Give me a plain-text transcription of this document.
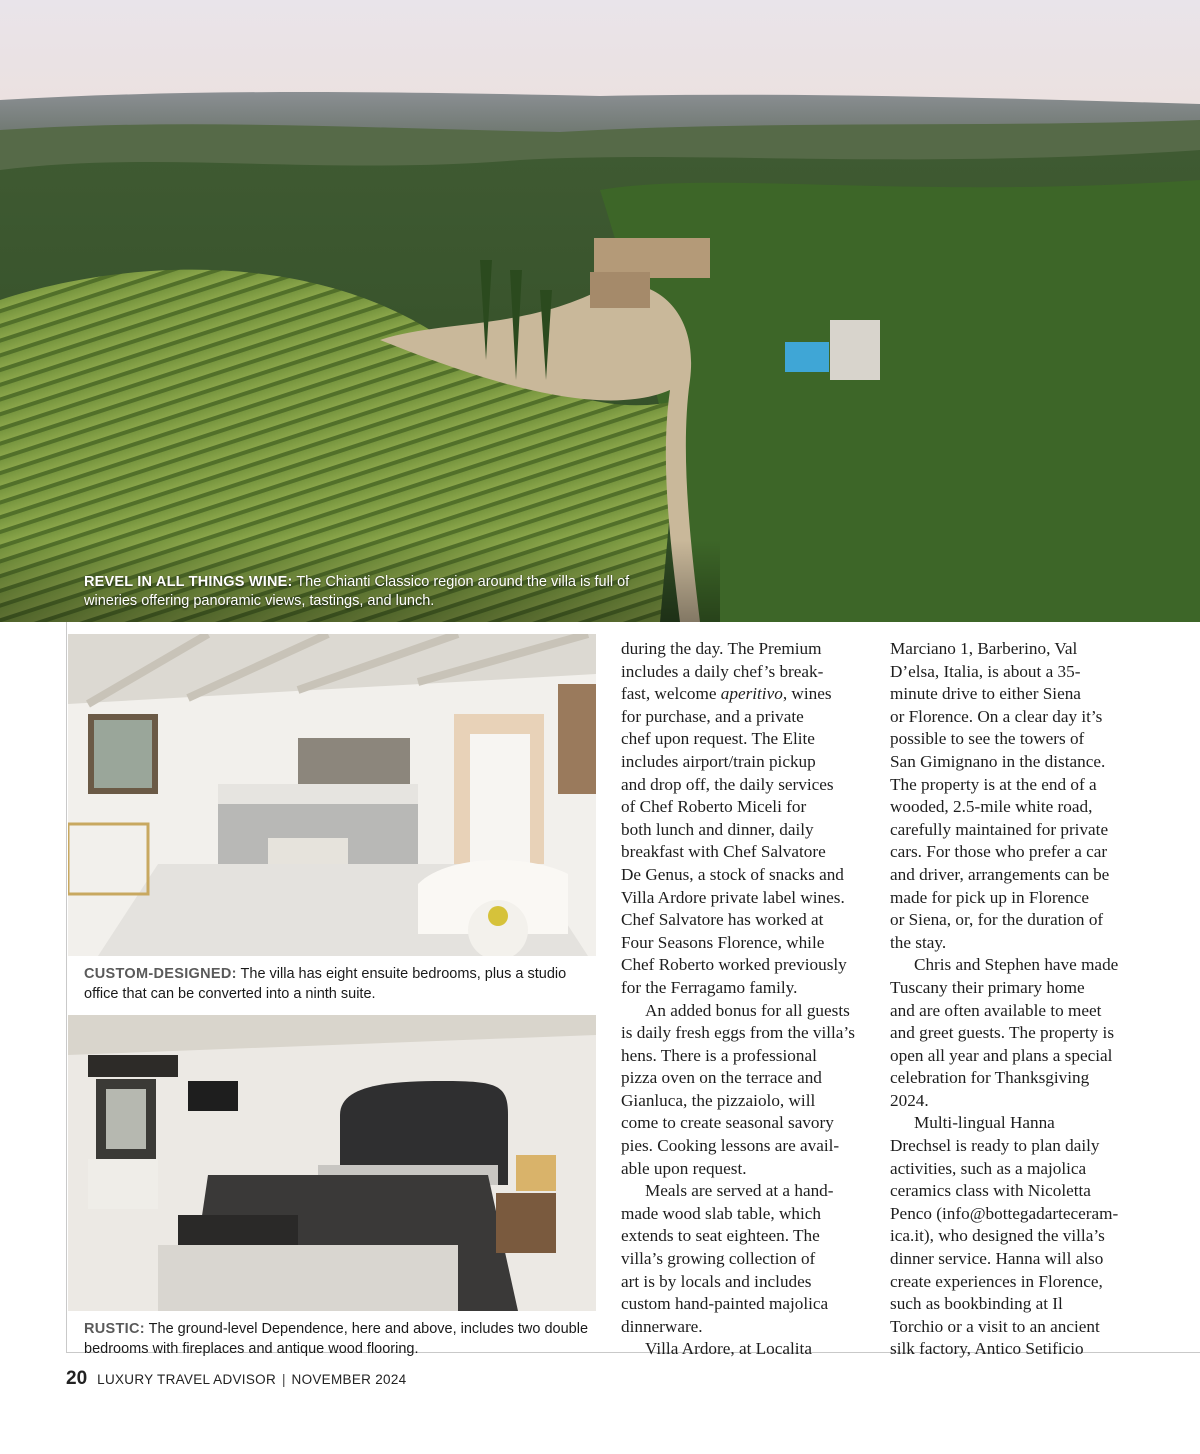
REVEL IN ALL THINGS WINE: The Chianti Classico region around the villa is full of wineries offering panoramic views, tastings, and lunch.
CUSTOM-DESIGNED: The villa has eight ensuite bedrooms, plus a studio office that can be converted into a ninth suite.
RUSTIC: The ground-level Dependence, here and above, includes two double bedrooms with fireplaces and antique wood flooring.

during the day. The Premium

includes a daily chef’s break-

fast, welcome aperitivo, wines

for purchase, and a private

chef upon request. The Elite

includes airport/train pickup

and drop off, the daily services

of Chef Roberto Miceli for

both lunch and dinner, daily

breakfast with Chef Salvatore

De Genus, a stock of snacks and

Villa Ardore private label wines.

Chef Salvatore has worked at

Four Seasons Florence, while

Chef Roberto worked previously

for the Ferragamo family.

An added bonus for all guests

is daily fresh eggs from the villa’s

hens. There is a professional

pizza oven on the terrace and

Gianluca, the pizzaiolo, will

come to create seasonal savory

pies. Cooking lessons are avail-

able upon request.

Meals are served at a hand-

made wood slab table, which

extends to seat eighteen. The

villa’s growing collection of

art is by locals and includes

custom hand-painted majolica

dinnerware.

Villa Ardore, at Localita

Marciano 1, Barberino, Val

D’elsa, Italia, is about a 35-

minute drive to either Siena

or Florence. On a clear day it’s

possible to see the towers of

San Gimignano in the distance.

The property is at the end of a

wooded, 2.5-mile white road,

carefully maintained for private

cars. For those who prefer a car

and driver, arrangements can be

made for pick up in Florence

or Siena, or, for the duration of

the stay.

Chris and Stephen have made

Tuscany their primary home

and are often available to meet

and greet guests. The property is

open all year and plans a special

celebration for Thanksgiving

2024.

Multi-lingual Hanna

Drechsel is ready to plan daily

activities, such as a majolica

ceramics class with Nicoletta

Penco (info@bottegadarteceram-

ica.it), who designed the villa’s

dinner service. Hanna will also

create experiences in Florence,

such as bookbinding at Il

Torchio or a visit to an ancient

silk factory, Antico Setificio

20 LUXURY TRAVEL ADVISOR | NOVEMBER 2024
